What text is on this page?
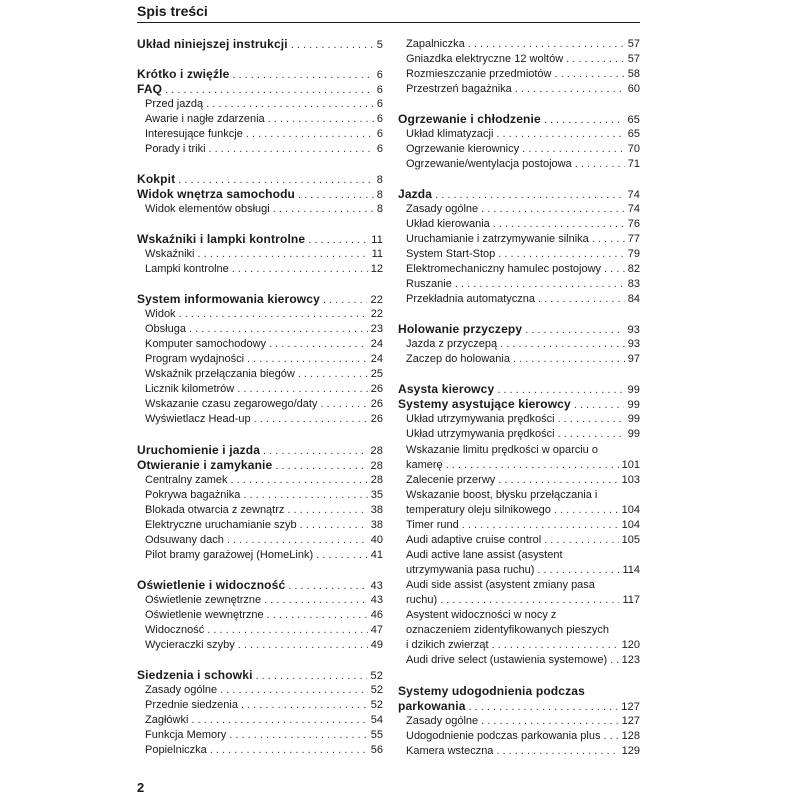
Spis treści
Układ niniejszej instrukcji . . .	5
Krótko i zwięźle . . .	6
FAQ . . .	6
Przed jazdą . . .	6
Awarie i nagłe zdarzenia . . .	6
Interesujące funkcje . . .	6
Porady i triki . . .	6
Kokpit . . .	8
Widok wnętrza samochodu . . .	8
Widok elementów obsługi . . .	8
Wskaźniki i lampki kontrolne . . .	11
Wskaźniki . . .	11
Lampki kontrolne . . .	12
System informowania kierowcy . . .	22
Widok . . .	22
Obsługa . . .	23
Komputer samochodowy . . .	24
Program wydajności . . .	24
Wskaźnik przełączania biegów . . .	25
Licznik kilometrów . . .	26
Wskazanie czasu zegarowego/daty . . .	26
Wyświetlacz Head-up . . .	26
Uruchomienie i jazda . . .	28
Otwieranie i zamykanie . . .	28
Centralny zamek . . .	28
Pokrywa bagażnika . . .	35
Blokada otwarcia z zewnątrz . . .	38
Elektryczne uruchamianie szyb . . .	38
Odsuwany dach . . .	40
Pilot bramy garażowej (HomeLink) . . .	41
Oświetlenie i widoczność . . .	43
Oświetlenie zewnętrzne . . .	43
Oświetlenie wewnętrzne . . .	46
Widoczność . . .	47
Wycieraczki szyby . . .	49
Siedzenia i schowki . . .	52
Zasady ogólne . . .	52
Przednie siedzenia . . .	52
Zagłówki . . .	54
Funkcja Memory . . .	55
Popielniczka . . .	56
Zapalniczka . . .	57
Gniazdka elektryczne 12 woltów . . .	57
Rozmieszczanie przedmiotów . . .	58
Przestrzeń bagażnika . . .	60
Ogrzewanie i chłodzenie . . .	65
Układ klimatyzacji . . .	65
Ogrzewanie kierownicy . . .	70
Ogrzewanie/wentylacja postojowa . . .	71
Jazda . . .	74
Zasady ogólne . . .	74
Układ kierowania . . .	76
Uruchamianie i zatrzymywanie silnika . . .	77
System Start-Stop . . .	79
Elektromechaniczny hamulec postojowy . . . 82
Ruszanie . . .	83
Przekładnia automatyczna . . .	84
Holowanie przyczepy . . .	93
Jazda z przyczepą . . .	93
Zaczep do holowania . . .	97
Asysta kierowcy . . .	99
Systemy asystujące kierowcy . . .	99
Układ utrzymywania prędkości . . .	99
Układ utrzymywania prędkości . . .	99
Wskazanie limitu prędkości w oparciu o
kamerę . . .	101
Zalecenie przerwy . . .	103
Wskazanie boost, błysku przełączania i
temperatury oleju silnikowego . . .	104
Timer rund . . .	104
Audi adaptive cruise control . . .	105
Audi active lane assist (asystent
utrzymywania pasa ruchu) . . .	114
Audi side assist (asystent zmiany pasa
ruchu) . . .	117
Asystent widoczności w nocy z
oznaczeniem zidentyfikowanych pieszych
i dzikich zwierząt . . .	120
Audi drive select (ustawienia systemowe) . . . 123
Systemy udogodnienia podczas
parkowania . . .	127
Zasady ogólne . . .	127
Udogodnienie podczas parkowania plus . . . 128
Kamera wsteczna . . .	129
2
